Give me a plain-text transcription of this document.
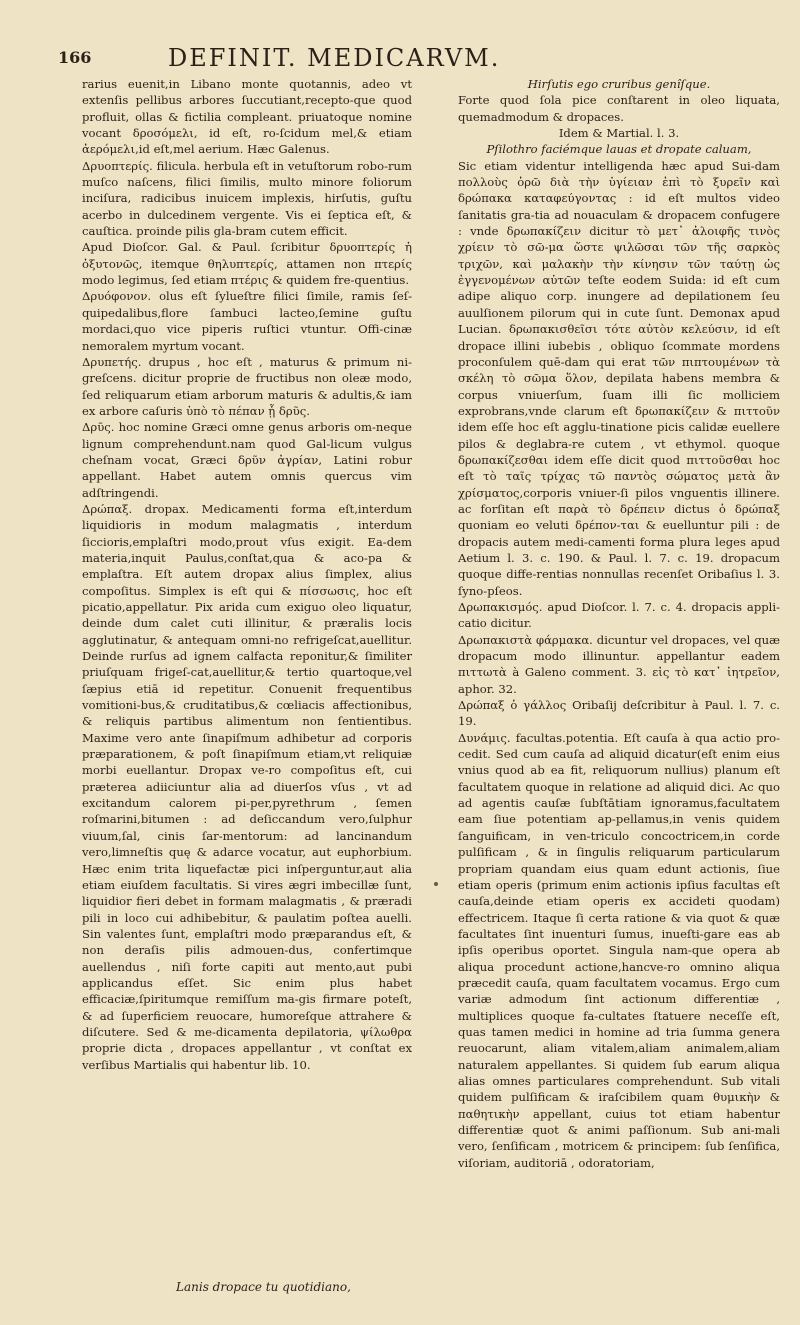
166	DEFINIT. MEDICARVM.

rarius euenit,in Libano monte quotannis, adeo vt extenſis pellibus arbores ſuccutiant,recepto-que quod profluit, ollas & fictilia compleant. priuatoque nomine vocant δροσόμελι, id eſt, ro-ſcidum mel,& etiam ἀερόμελι,id eſt,mel aerium. Hæc Galenus.

Δρυοπτερίς. filicula. herbula eſt in vetuſtorum robo-rum muſco naſcens, filici ſimilis, multo minore foliorum inciſura, radicibus inuicem implexis, hirſutis, guſtu acerbo in dulcedinem vergente. Vis ei ſeptica eſt, & cauſtica. proinde pilis gla-bram cutem efficit.

Apud Dioſcor. Gal. & Paul. ſcribitur δρυοπτερίς ἡ ὀξυτονῶς, itemque θηλυπτερίς, attamen non πτερίς modo legimus, ſed etiam πτέρις & quidem fre-quentius.

Δρυόφονον. olus eſt ſylueſtre filici ſimile, ramis ſeſ-quipedalibus,flore ſambuci lacteo,ſemine guſtu mordaci,quo vice piperis ruſtici vtuntur. Offi-cinæ nemoralem myrtum vocant.

Δρυπετής. drupus , hoc eſt , maturus & primum ni-greſcens. dicitur proprie de fructibus non oleæ modo, ſed reliquarum etiam arborum maturis & adultis,& iam ex arbore caſuris ὑπὸ τὸ πέπαν ᾗ δρῦς.

Δρῦς. hoc nomine Græci omne genus arboris om-neque lignum comprehendunt.nam quod Gal-licum vulgus cheſnam vocat, Græci δρῦν ἀγρίαν, Latini robur appellant. Habet autem omnis quercus vim adſtringendi.

Δρώπαξ. dropax. Medicamenti forma eſt,interdum liquidioris in modum malagmatis , interdum ſiccioris,emplaſtri modo,prout vſus exigit. Ea-dem materia,inquit Paulus,conſtat,qua & aco-pa & emplaſtra. Eſt autem dropax alius ſimplex, alius compoſitus. Simplex is eſt qui & πίσσωσις, hoc eſt picatio,appellatur. Pix arida cum exiguo oleo liquatur, deinde dum calet cuti illinitur, & præralis locis agglutinatur, & antequam omni-no refrigeſcat,auellitur. Deinde rurſus ad ignem calfacta reponitur,& ſimiliter priuſquam frigeſ-cat,auellitur,& tertio quartoque,vel ſæpius etiā id repetitur. Conuenit frequentibus vomitioni-bus,& cruditatibus,& cœliacis affectionibus, & reliquis partibus alimentum non ſentientibus. Maxime vero ante ſinapiſmum adhibetur ad corporis præparationem, & poſt ſinapiſmum etiam,vt reliquiæ morbi euellantur. Dropax ve-ro compoſitus eſt, cui præterea adiiciuntur alia ad diuerſos vſus , vt ad excitandum calorem pi-per,pyrethrum , ſemen roſmarini,bitumen : ad deſiccandum vero,ſulphur viuum,ſal, cinis ſar-mentorum: ad lancinandum vero,limneſtis quę & adarce vocatur, aut euphorbium. Hæc enim trita liquefactæ pici inſperguntur,aut alia etiam eiuſdem facultatis. Si vires ægri imbecillæ ſunt, liquidior fieri debet in formam malagmatis , & præradi pili in loco cui adhibebitur, & paulatim poſtea auelli. Sin valentes ſunt, emplaſtri modo præparandus eſt, & non deraſis pilis admouen-dus, confertimque auellendus , niſi forte capiti aut mento,aut pubi applicandus eſſet. Sic enim plus habet efficaciæ,ſpiritumque remiſſum ma-gis firmare poteſt, & ad ſuperficiem reuocare, humoreſque attrahere & diſcutere. Sed & me-dicamenta depilatoria, ψίλωθρα proprie dicta , dropaces appellantur , vt conſtat ex verſibus Martialis qui habentur lib. 10.

Hirſutis ego cruribus genîſque.

Forte quod ſola pice conſtarent in oleo liquata, quemadmodum & dropaces.

Idem & Martial. l. 3.

Pſilothro faciémque lauas et dropate caluam,

Sic etiam videntur intelligenda hæc apud Sui-dam πολλοὺς ὁρῶ διὰ τὴν ὑγίειαν ἐπὶ τὸ ξυρεῖν καὶ δρώπακα καταφεύγοντας : id eſt multos video ſanitatis gra-tia ad nouaculam & dropacem confugere : vnde δρωπακίζειν dicitur τὸ μετ᾽ ἀλοιφῆς τινὸς χρίειν τὸ σῶ-μα ὥστε ψιλῶσαι τῶν τῆς σαρκὸς τριχῶν, καὶ μαλακὴν τὴν κίνησιν τῶν ταύτῃ ὡς ἐγγενομένων αὐτῶν teſte eodem Suida: id eſt cum adipe aliquo corp. inungere ad depilationem ſeu auulſionem pilorum qui in cute ſunt. Demonax apud Lucian. δρωπακισθεῖσι τότε αὐτὸν κελεύσιν, id eſt dropace illini iubebis , obliquo ſcommate mordens proconſulem quē-dam qui erat τῶν πιπτουμένων τὰ σκέλη τὸ σῶμα ὅλον, depilata habens membra & corpus vniuerſum, ſuam illi ſic molliciem exprobrans,vnde clarum eſt δρωπακίζειν & πιττοῦν idem eſſe hoc eſt agglu-tinatione picis calidæ euellere pilos & deglabra-re cutem , vt ethymol. quoque δρωπακίζεσθαι idem eſſe dicit quod πιττοῦσθαι hoc eſt τὸ ταῖς τρίχας τῶ παντὸς σώματος μετὰ ἂν χρίσματος,corporis vniuer-ſi pilos vnguentis illinere. ac forſitan eſt παρὰ τὸ δρέπειν dictus ὁ δρώπαξ quoniam eo veluti δρέπον-ται & euelluntur pili : de dropacis autem medi-camenti forma plura leges apud Aetium l. 3. c. 190. & Paul. l. 7. c. 19. dropacum quoque diffe-rentias nonnullas recenſet Oribaſius l. 3. ſyno-pſeos.

Δρωπακισμός. apud Dioſcor. l. 7. c. 4. dropacis appli-catio dicitur.

Δρωπακιστὰ φάρμακα. dicuntur vel dropaces, vel quæ dropacum modo illinuntur. appellantur eadem πιττωτὰ à Galeno comment. 3. εἰς τὸ κατ᾽ ἰητρεῖον, aphor. 32.

Δρώπαξ ὁ γάλλος Oribaſij deſcribitur à Paul. l. 7. c. 19.

Δυνάμις. facultas.potentia. Eſt cauſa à qua actio pro-cedit. Sed cum cauſa ad aliquid dicatur(eſt enim eius vnius quod ab ea fit, reliquorum nullius) planum eſt facultatem quoque in relatione ad aliquid dici. Ac quo ad agentis cauſæ ſubſtātiam ignoramus,facultatem eam ſiue potentiam ap-pellamus,in venis quidem ſanguificam, in ven-triculo concoctricem,in corde pulſificam , & in ſingulis reliquarum particularum propriam quandam eius quam edunt actionis, ſiue etiam operis (primum enim actionis ipſius facultas eſt cauſa,deinde etiam operis ex accideti quodam) effectricem. Itaque ſi certa ratione & via quot & quæ facultates ſint inuenturi ſumus, inueſti-gare eas ab ipſis operibus oportet. Singula nam-que opera ab aliqua procedunt actione,hancve-ro omnino aliqua præcedit cauſa, quam facultatem vocamus. Ergo cum variæ admodum ſint actionum differentiæ , multiplices quoque fa-cultates ſtatuere neceſſe eſt, quas tamen medici in homine ad tria ſumma genera reuocarunt, aliam vitalem,aliam animalem,aliam naturalem appellantes. Si quidem ſub earum aliqua alias omnes particulares comprehendunt. Sub vitali quidem pulſificam & iraſcibilem quam θυμικὴν & παθητικὴν appellant, cuius tot etiam habentur differentiæ quot & animi paſſionum. Sub ani-mali vero, ſenſificam , motricem & principem: ſub ſenſifica, viſoriam, auditoriā , odoratoriam,

Lanis dropace tu quotidiano,
